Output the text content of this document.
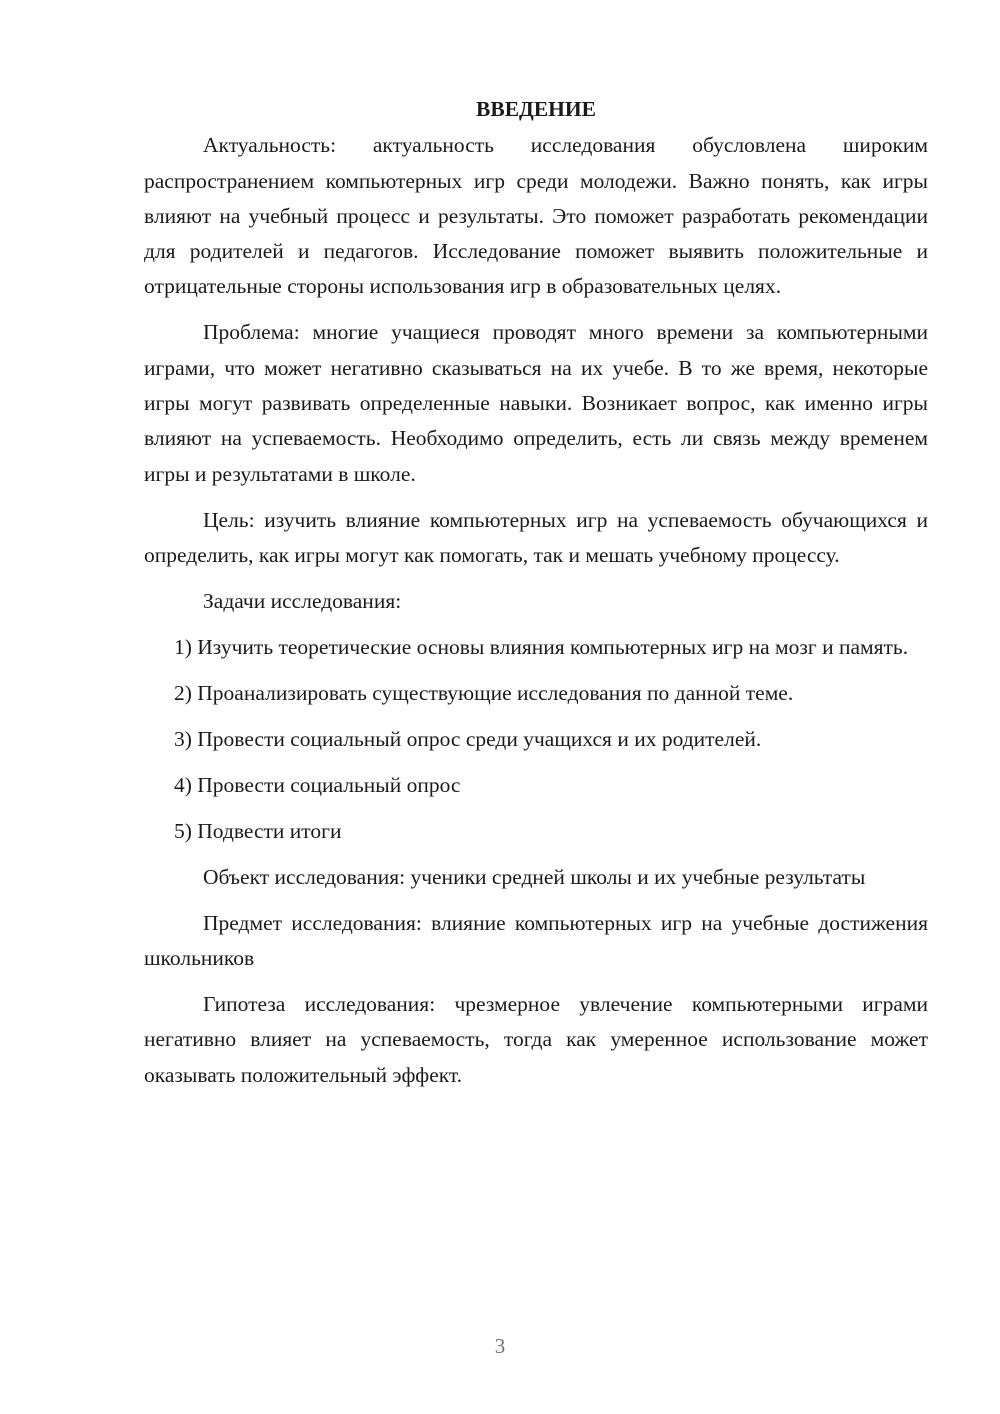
ВВЕДЕНИЕ

Актуальность: актуальность исследования обусловлена широким распространением компьютерных игр среди молодежи. Важно понять, как игры влияют на учебный процесс и результаты. Это поможет разработать рекомендации для родителей и педагогов. Исследование поможет выявить положительные и отрицательные стороны использования игр в образовательных целях.

Проблема: многие учащиеся проводят много времени за компьютерными играми, что может негативно сказываться на их учебе. В то же время, некоторые игры могут развивать определенные навыки. Возникает вопрос, как именно игры влияют на успеваемость. Необходимо определить, есть ли связь между временем игры и результатами в школе.

Цель: изучить влияние компьютерных игр на успеваемость обучающихся и определить, как игры могут как помогать, так и мешать учебному процессу.

Задачи исследования:

1) Изучить теоретические основы влияния компьютерных игр на мозг и память.

2) Проанализировать существующие исследования по данной теме.

3) Провести социальный опрос среди учащихся и их родителей.

4) Провести социальный опрос

5) Подвести итоги

Объект исследования: ученики средней школы и их учебные результаты

Предмет исследования: влияние компьютерных игр на учебные достижения школьников

Гипотеза исследования: чрезмерное увлечение компьютерными играми негативно влияет на успеваемость, тогда как умеренное использование может оказывать положительный эффект.

3
